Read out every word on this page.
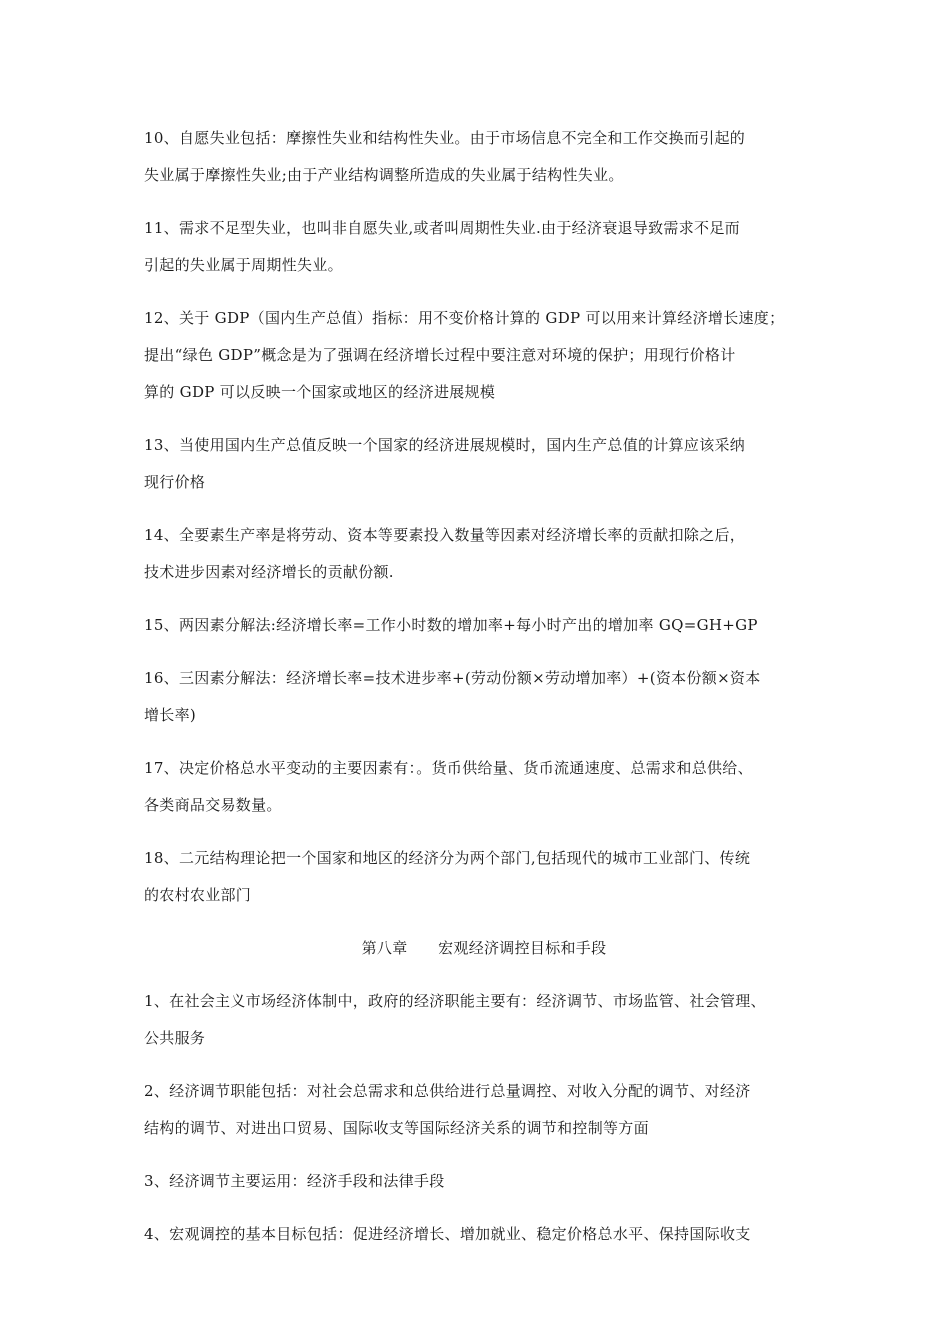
10、自愿失业包括：摩擦性失业和结构性失业。由于市场信息不完全和工作交换而引起的
失业属于摩擦性失业;由于产业结构调整所造成的失业属于结构性失业。

11、需求不足型失业，也叫非自愿失业,或者叫周期性失业.由于经济衰退导致需求不足而
引起的失业属于周期性失业。

12、关于 GDP（国内生产总值）指标：用不变价格计算的 GDP 可以用来计算经济增长速度；
提出“绿色 GDP”概念是为了强调在经济增长过程中要注意对环境的保护；用现行价格计
算的 GDP 可以反映一个国家或地区的经济进展规模

13、当使用国内生产总值反映一个国家的经济进展规模时，国内生产总值的计算应该采纳
现行价格

14、全要素生产率是将劳动、资本等要素投入数量等因素对经济增长率的贡献扣除之后，
技术进步因素对经济增长的贡献份额.

15、两因素分解法:经济增长率=工作小时数的增加率+每小时产出的增加率 GQ=GH+GP

16、三因素分解法：经济增长率=技术进步率+(劳动份额×劳动增加率）+(资本份额×资本
增长率)

17、决定价格总水平变动的主要因素有：。货币供给量、货币流通速度、总需求和总供给、
各类商品交易数量。

18、二元结构理论把一个国家和地区的经济分为两个部门,包括现代的城市工业部门、传统
的农村农业部门

第八章　　宏观经济调控目标和手段

1、在社会主义市场经济体制中，政府的经济职能主要有：经济调节、市场监管、社会管理、
公共服务

2、经济调节职能包括：对社会总需求和总供给进行总量调控、对收入分配的调节、对经济
结构的调节、对进出口贸易、国际收支等国际经济关系的调节和控制等方面

3、经济调节主要运用：经济手段和法律手段

4、宏观调控的基本目标包括：促进经济增长、增加就业、稳定价格总水平、保持国际收支
